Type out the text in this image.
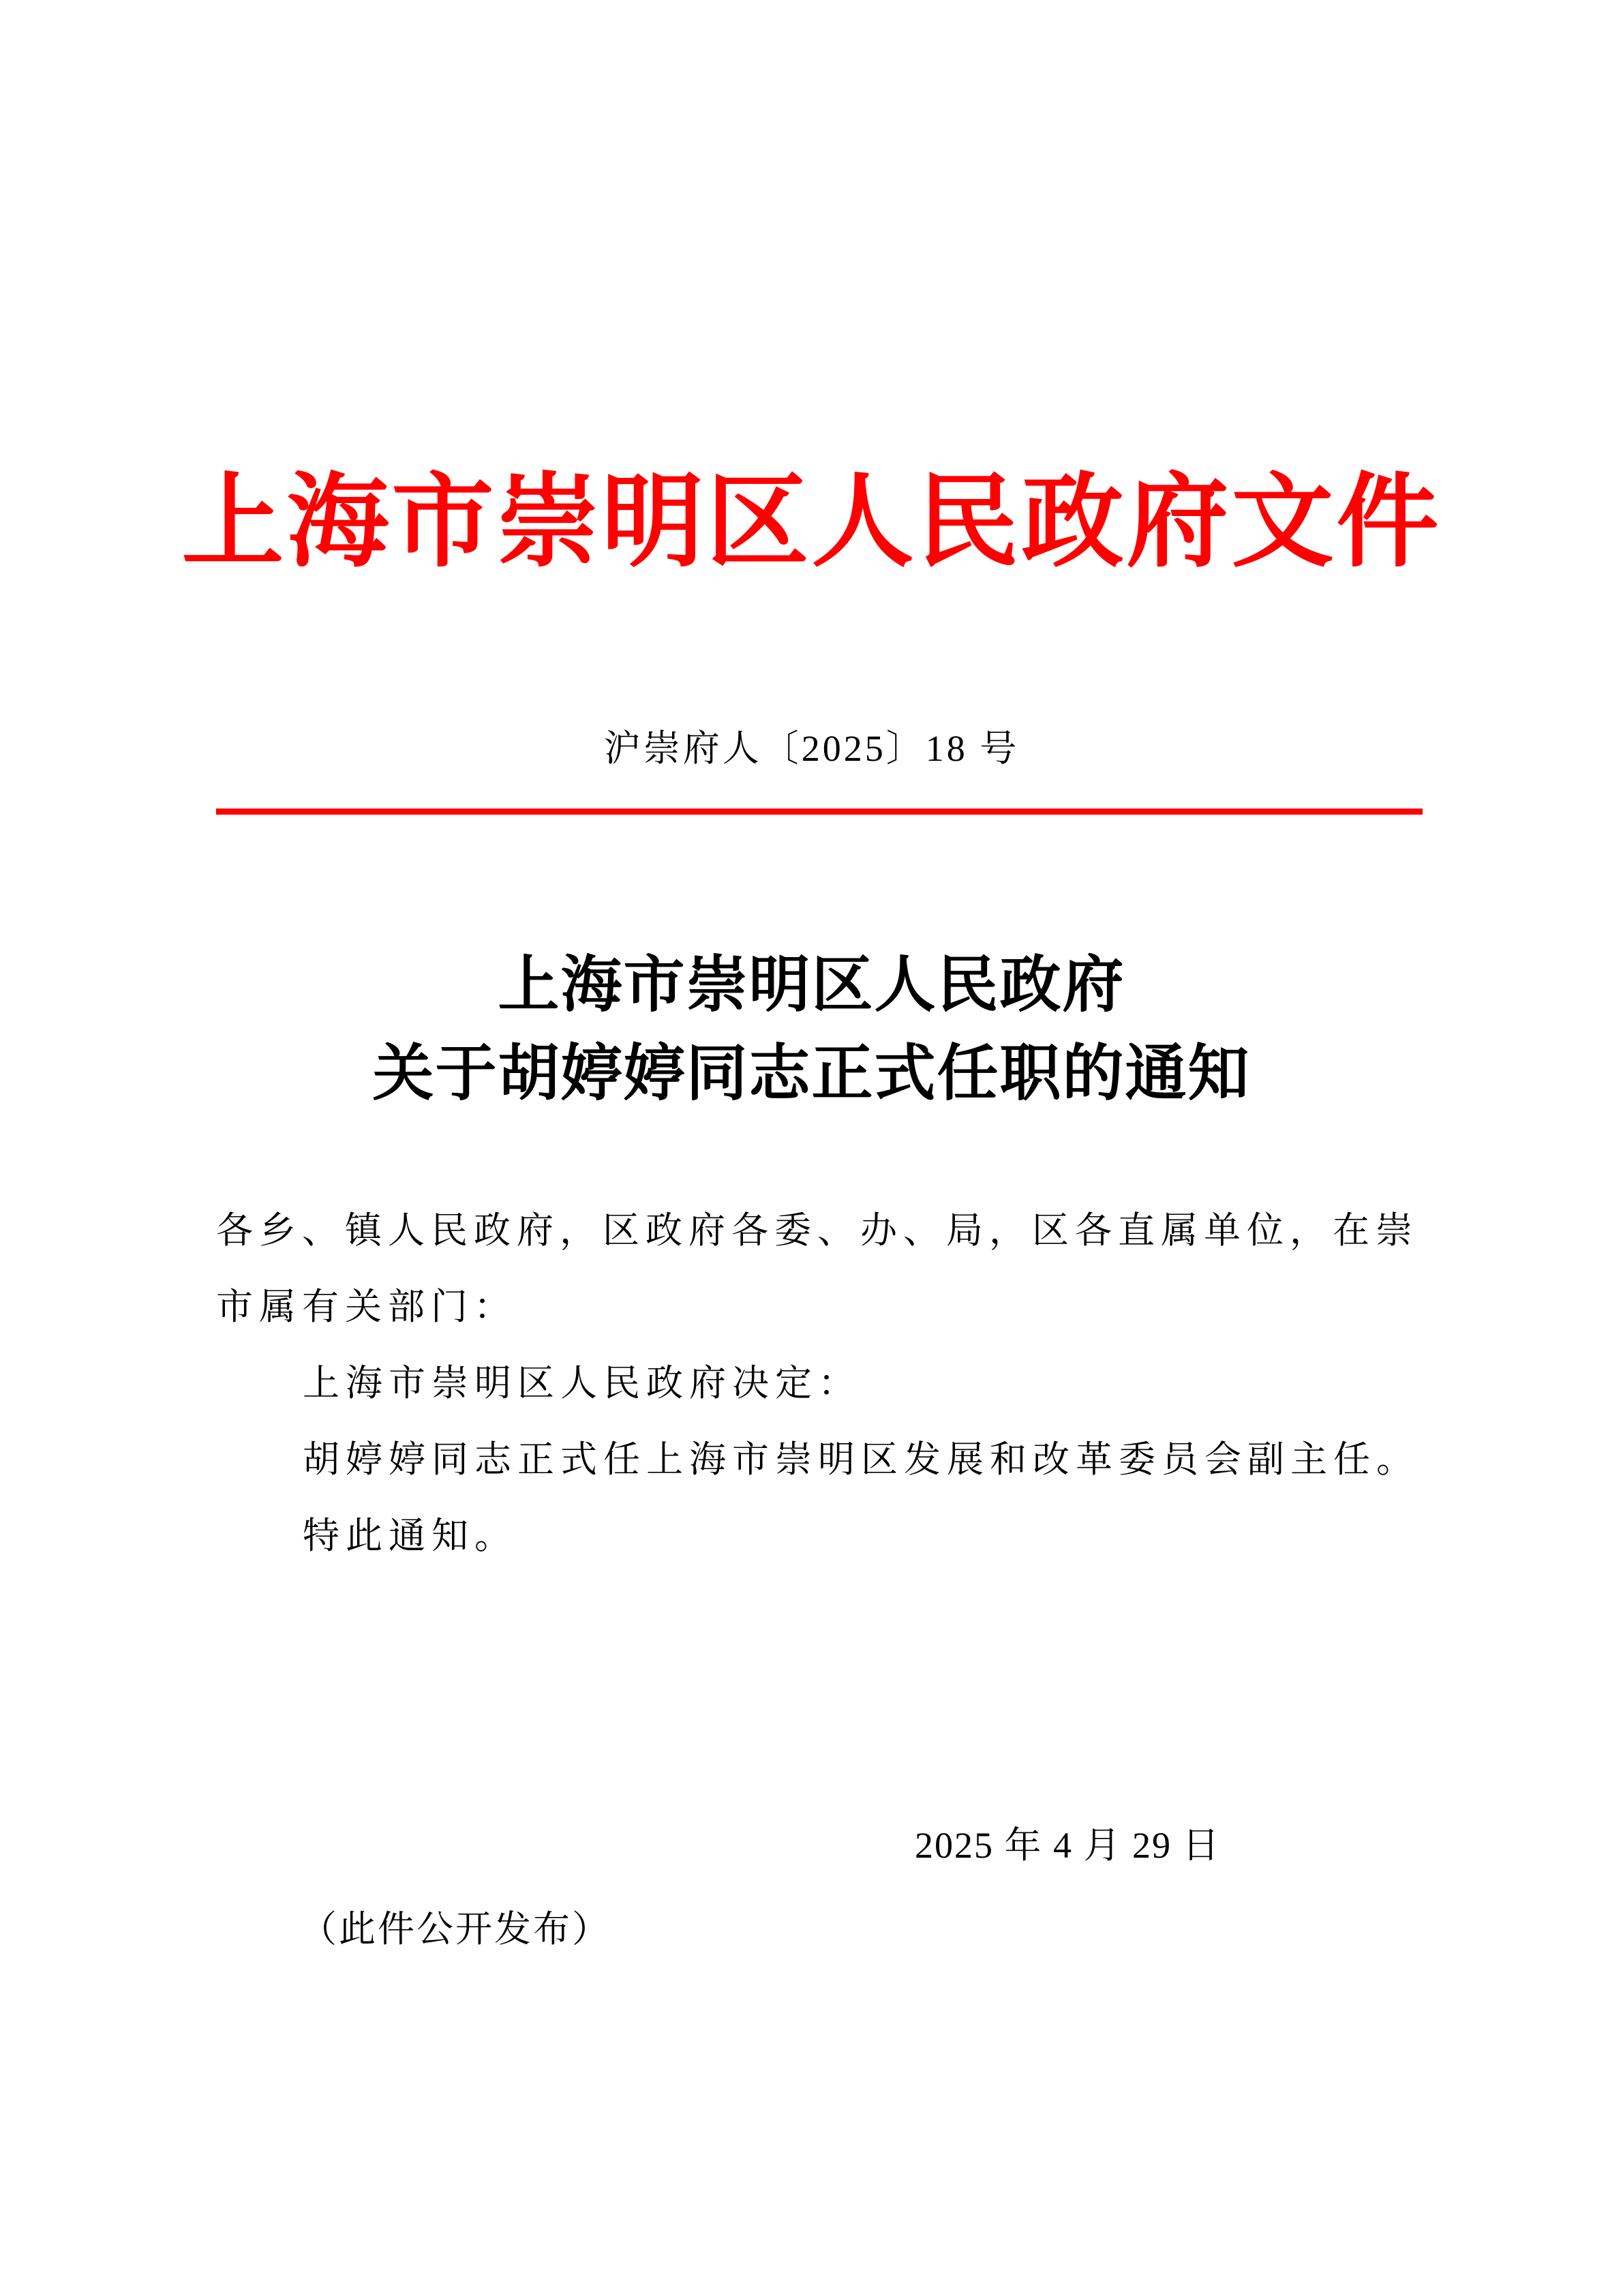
上海市崇明区人民政府文件
沪崇府人〔2025〕18 号
上海市崇明区人民政府
关于胡婷婷同志正式任职的通知
各乡、镇人民政府，区政府各委、办、局，区各直属单位，在崇
市属有关部门：
上海市崇明区人民政府决定：
胡婷婷同志正式任上海市崇明区发展和改革委员会副主任。
特此通知。
2025 年 4 月 29 日
（此件公开发布）
